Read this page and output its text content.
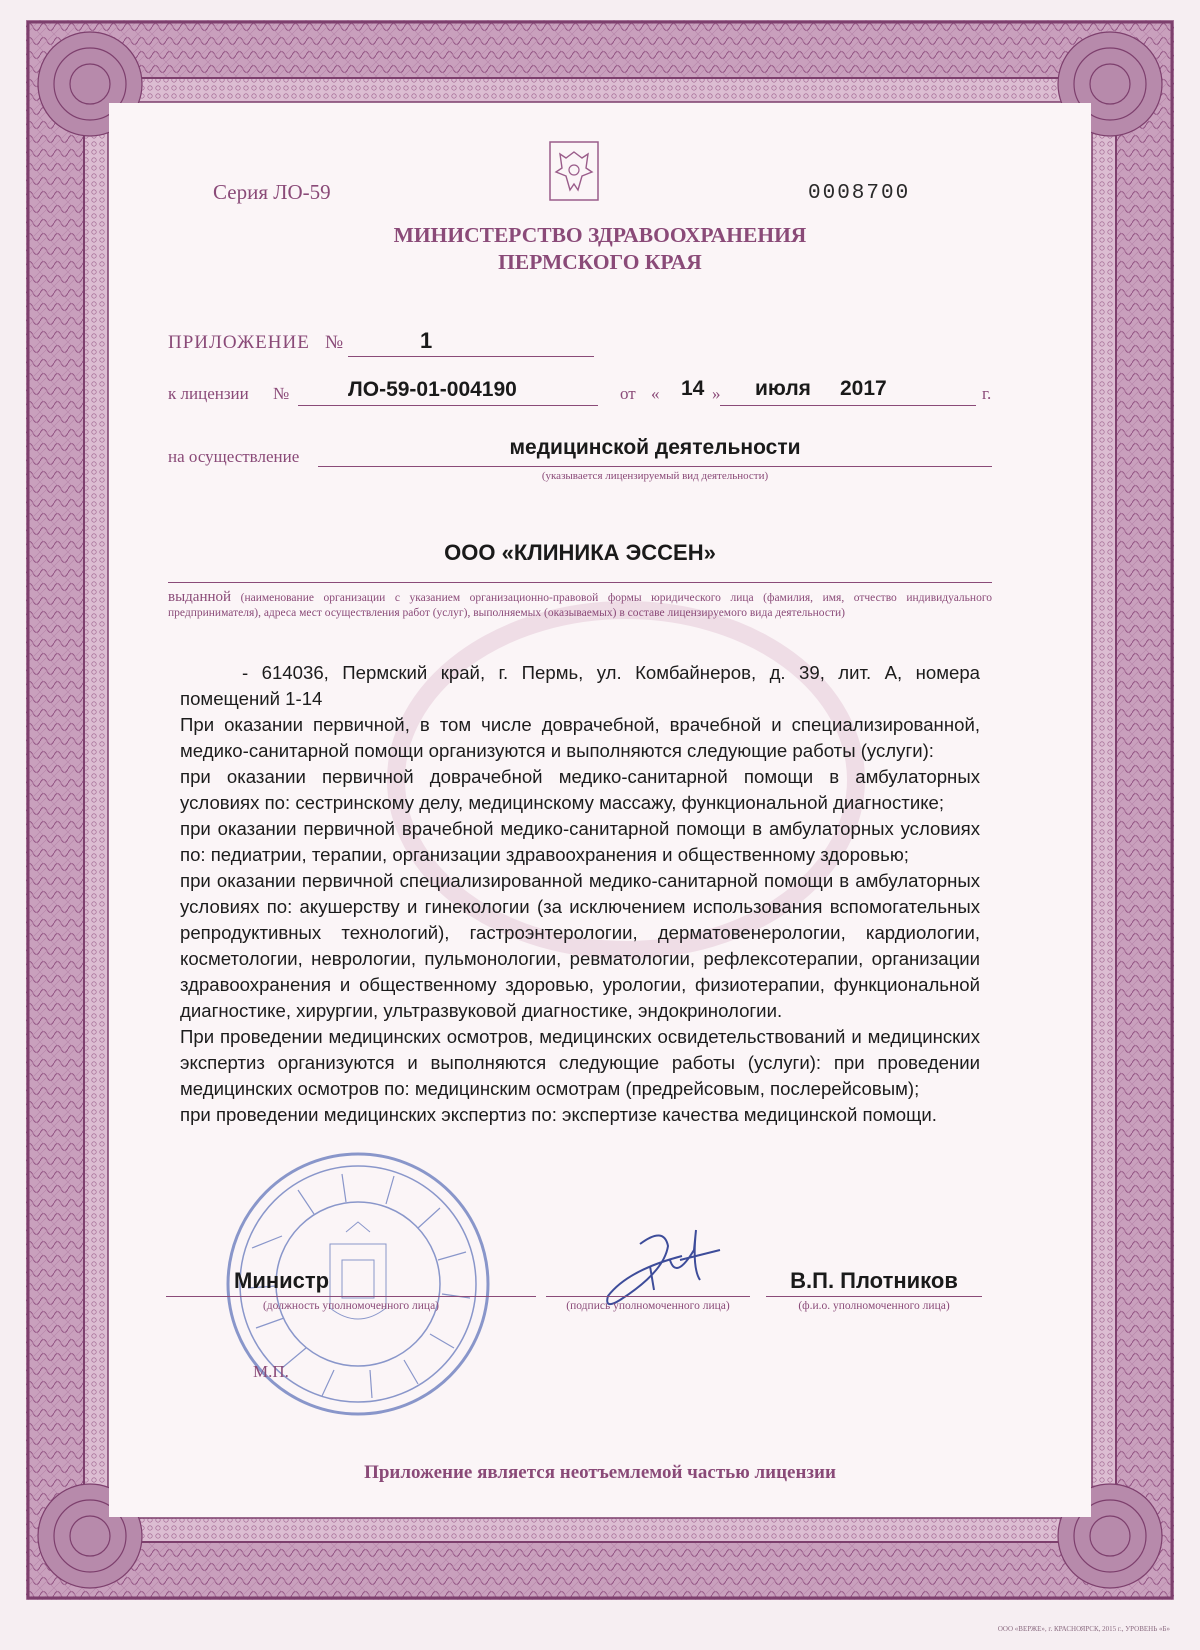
Серия ЛО-59	0008700
МИНИСТЕРСТВО ЗДРАВООХРАНЕНИЯ
ПЕРМСКОГО КРАЯ
ПРИЛОЖЕНИЕ №	1
к лицензии №	ЛО-59-01-004190	от « 14 » июля 2017	г.
на осуществление	медицинской деятельности
(указывается лицензируемый вид деятельности)
ООО «КЛИНИКА ЭССЕН»
выданной (наименование организации с указанием организационно-правовой формы юридического лица (фамилия, имя, отчество индивидуального предпринимателя), адреса мест осуществления работ (услуг), выполняемых (оказываемых) в составе лицензируемого вида деятельности)

- 614036, Пермский край, г. Пермь, ул. Комбайнеров, д. 39, лит. А, номера помещений 1-14

При оказании первичной, в том числе доврачебной, врачебной и специализированной, медико-санитарной помощи организуются и выполняются следующие работы (услуги):

при оказании первичной доврачебной медико-санитарной помощи в амбулаторных условиях по: сестринскому делу, медицинскому массажу, функциональной диагностике;

при оказании первичной врачебной медико-санитарной помощи в амбулаторных условиях по: педиатрии, терапии, организации здравоохранения и общественному здоровью;

при оказании первичной специализированной медико-санитарной помощи в амбулаторных условиях по: акушерству и гинекологии (за исключением использования вспомогательных репродуктивных технологий), гастроэнтерологии, дерматовенерологии, кардиологии, косметологии, неврологии, пульмонологии, ревматологии, рефлексотерапии, организации здравоохранения и общественному здоровью, урологии, физиотерапии, функциональной диагностике, хирургии, ультразвуковой диагностике, эндокринологии.

При проведении медицинских осмотров, медицинских освидетельствований и медицинских экспертиз организуются и выполняются следующие работы (услуги): при проведении медицинских осмотров по: медицинским осмотрам (предрейсовым, послерейсовым);

при проведении медицинских экспертиз по: экспертизе качества медицинской помощи.

Министр
(должность уполномоченного лица)	(подпись уполномоченного лица)
В.П. Плотников
(ф.и.о. уполномоченного лица)
М.П.
Приложение является неотъемлемой частью лицензии
ООО «ВЕРЖЕ», г. КРАСНОЯРСК, 2015 г., УРОВЕНЬ «Б»
